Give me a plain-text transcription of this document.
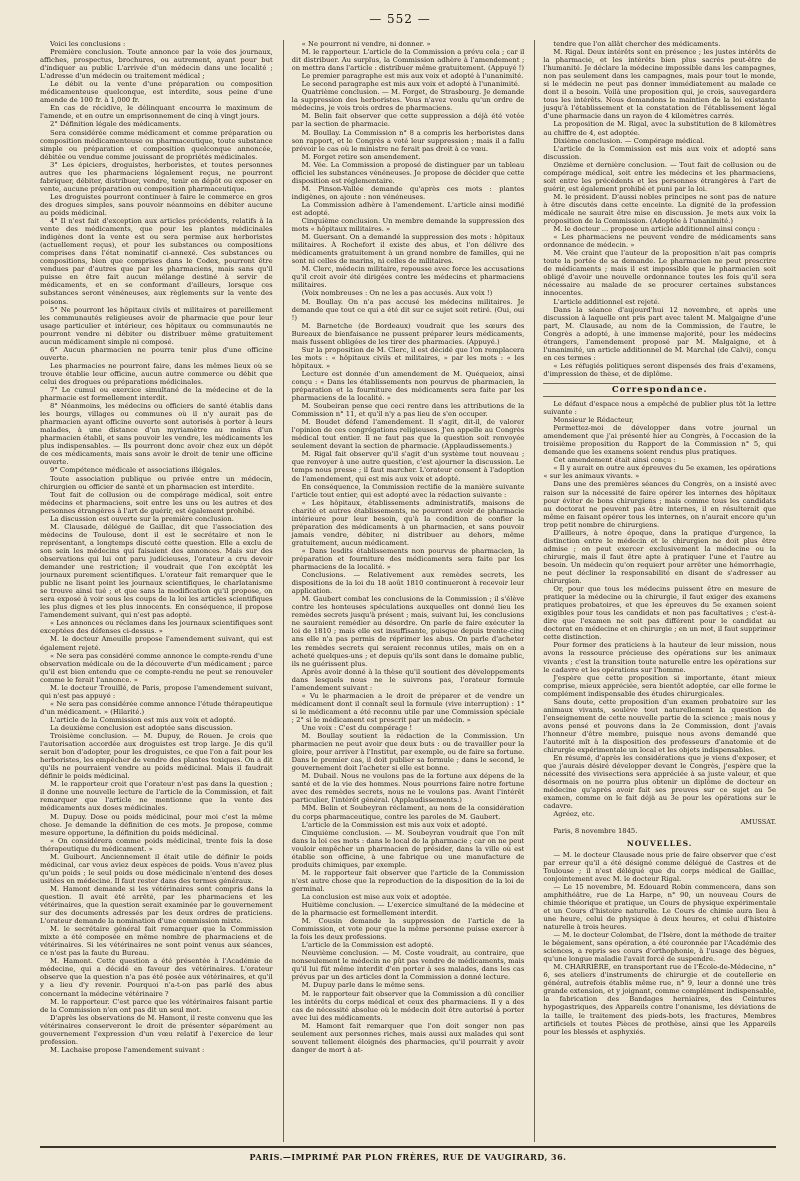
— 552 —

Voici les conclusions :

Première conclusion. Toute annonce par la voie des journaux, affiches, prospectus, brochures, ou autrement, ayant pour but d'indiquer au public L'arrivée d'un médecin dans une localité ; L'adresse d'un médecin ou traitement médical ;

Le débit ou la vente d'une préparation ou composition médicamenteuse quelconque, est interdite, sous peine d'une amende de 100 fr. à 1,000 fr.

En cas de récidive, le délinquant encourra le maximum de l'amende, et en outre un emprisonnement de cinq à vingt jours.

2° Définition légale des médicaments.

Sera considérée comme médicament et comme préparation ou composition médicamenteuse ou pharmaceutique, toute substance simple ou préparation et composition quelconque annoncée, débitée ou vendue comme jouissant de propriétés médicinales.

3° Les épiciers, droguistes, herboristes, et toutes personnes autres que les pharmaciens légalement reçus, ne pourront fabriquer, débiter, distribuer, vendre, tenir en dépôt ou exposer en vente, aucune préparation ou composition pharmaceutique.

Les droguistes pourront continuer à faire le commerce en gros des drogues simples, sans pouvoir néanmoins en débiter aucune au poids médicinal.

4° Il n'est fait d'exception aux articles précédents, relatifs à la vente des médicaments, que pour les plantes médicinales indigènes dont la vente est ou sera permise aux herboristes (actuellement reçus), et pour les substances ou compositions comprises dans l'état nominatif ci-annexé. Ces substances ou compositions, bien que comprises dans le Codex, pourront être vendues par d'autres que par les pharmaciens, mais sans qu'il puisse en être fait aucun mélange destiné à servir de médicaments, et en se conformant d'ailleurs, lorsque ces substances seront vénéneuses, aux règlements sur la vente des poisons.

5° Ne pourront les hôpitaux civils et militaires et pareillement les communautés religieuses avoir de pharmacie que pour leur usage particulier et intérieur, ces hôpitaux ou communautés ne pourront vendre ni débiter ou distribuer même gratuitement aucun médicament simple ni composé.

6° Aucun pharmacien ne pourra tenir plus d'une officine ouverte.

Les pharmacies ne pourront faire, dans les mêmes lieux où se trouve établie leur officine, aucun autre commerce ou débit que celui des drogues ou préparations médicinales.

7° Le cumul ou exercice simultané de la médecine et de la pharmacie est formellement interdit.

8° Néanmoins, les médecins ou officiers de santé établis dans les bourgs, villages ou communes où il n'y aurait pas de pharmacien ayant officine ouverte sont autorisés à porter à leurs malades, à une distance d'un myriamètre au moins d'un pharmacien établi, et sans pouvoir les vendre, les médicaments les plus indispensables. — Ils pourront donc avoir chez eux un dépôt de ces médicaments, mais sans avoir le droit de tenir une officine ouverte.

9° Compétence médicale et associations illégales.

Toute association publique ou privée entre un médecin, chirurgien ou officier de santé et un pharmacien est interdite.

Tout fait de collusion ou de compérage médical, soit entre médecins et pharmaciens, soit entre les uns ou les autres et des personnes étrangères à l'art de guérir, est également prohibé.

La discussion est ouverte sur la première conclusion.

M. Clausade, délégué de Gaillac, dit que l'association des médecins de Toulouse, dont il est le secrétaire et non le représentant, a longtemps discuté cette question. Elle a exclu de son sein les médecins qui faisaient des annonces. Mais sur des observations qui lui ont paru judicieuses, l'orateur a cru devoir demander une restriction; il voudrait que l'on excéptât les journaux purement scientifiques. L'orateur fait remarquer que le public ne lisant point les journaux scientifiques, le charlatanisme se trouve ainsi tué ; et que sans la modification qu'il propose, on sera exposé à voir sous les coups de la loi les articles scientifiques les plus dignes et les plus innocents. En conséquence, il propose l'amendement suivant, qui n'est pas adopté.

« Les annonces ou réclames dans les journaux scientifiques sont exceptées des défenses ci-dessus. »

M. le docteur Ameuille propose l'amendement suivant, qui est également rejeté.

« Ne sera pas considéré comme annonce le compte-rendu d'une observation médicale ou de la découverte d'un médicament ; parce qu'il est bien entendu que ce compte-rendu ne peut se renouveler comme le ferait l'annonce. »

M. le docteur Trouillé, de Paris, propose l'amendement suivant, qui n'est pas appuyé :

« Ne sera pas considérée comme annonce l'étude thérapeutique d'un médicament. » (Hilarité.)

L'article de la Commission est mis aux voix et adopté.

La deuxième conclusion est adoptée sans discussion.

Troisième conclusion. — M. Dupuy, de Rouen. Je crois que l'autorisation accordée aux droguistes est trop large. Je dis qu'il serait bon d'adopter, pour les droguistes, ce que l'on a fait pour les herboristes, les empêcher de vendre des plantes toxiques. On a dit qu'ils ne pourraient vendre au poids médicinal. Mais il faudrait définir le poids médicinal.

M. le rapporteur croit que l'orateur n'est pas dans la question ; il donne une nouvelle lecture de l'article de la Commission, et fait remarquer que l'article ne mentionne que la vente des médicaments aux doses médicinales.

M. Dupuy. Dose ou poids médicinal, pour moi c'est la même chose. Je demande la définition de ces mots. Je propose, comme mesure opportune, la définition du poids médicinal.

« On considérera comme poids médicinal, trente fois la dose thérapeutique du médicament. »

M. Guibourt. Anciennement il était utile de définir le poids médicinal, car vous aviez deux espèces de poids. Vous n'avez plus qu'un poids ; le seul poids ou dose médicinale n'entend des doses usitées en médecine. Il faut rester dans des termes généraux.

M. Hamont demande si les vétérinaires sont compris dans la question. Il avait été arrêté, par les pharmaciens et les vétérinaires, que la question serait examinée par le gouvernement sur des documents adressés par les deux ordres de praticiens. L'orateur demande la nomination d'une commission mixte.

M. le secrétaire général fait remarquer que la Commission mixte a été composée en même nombre de pharmaciens et de vétérinaires. Si les vétérinaires ne sont point venus aux séances, ce n'est pas la faute du Bureau.

M. Hamont. Cette question a été présentée à l'Académie de médecine, qui a décidé en faveur des vétérinaires. L'orateur observe que la question n'a pas été posée aux vétérinaires, et qu'il y a lieu d'y revenir. Pourquoi n'a-t-on pas parlé des abus concernant la médecine vétérinaire ?

M. le rapporteur. C'est parce que les vétérinaires faisant partie de la Commission n'en ont pas dit un seul mot.

D'après les observations de M. Hamont, il reste convenu que les vétérinaires conserveront le droit de présenter séparément au gouvernement l'expression d'un vœu relatif à l'exercice de leur profession.

M. Lachaise propose l'amendement suivant :

« Ne pourront ni vendre, ni donner. »

M. le rapporteur. L'article de la Commission a prévu cela ; car il dit distribuer. Au surplus, la Commission adhère à l'amendement ; on mettra dans l'article : distribuer même gratuitement. (Appuyé !)

Le premier paragraphe est mis aux voix et adopté à l'unanimité.

Le second paragraphe est mis aux voix et adopté à l'unanimité.

Quatrième conclusion. — M. Forget, de Strasbourg. Je demande la suppression des herboristes. Vous n'avez voulu qu'un ordre de médecins, je vois trois ordres de pharmaciens.

M. Belin fait observer que cette suppression a déjà été votée par la section de pharmacie.

M. Boullay. La Commission n° 8 a compris les herboristes dans son rapport, et le Congrès a voté leur suppression ; mais il a fallu prévoir le cas où le ministre ne ferait pas droit à ce vœu.

M. Forget retire son amendement.

M. Vée. La Commission a proposé de distinguer par un tableau officiel les substances vénéneuses. Je propose de décider que cette disposition est réglementaire.

M. Pinson-Vallée demande qu'après ces mots : plantes indigènes, on ajoute : non vénéneuses.

La Commission adhère à l'amendement. L'article ainsi modifié est adopté.

Cinquième conclusion. Un membre demande la suppression des mots « hôpitaux militaires. »

M. Guersant. On a demandé la suppression des mots : hôpitaux militaires. À Rochefort il existe des abus, et l'on délivre des médicaments gratuitement à un grand nombre de familles, qui ne sont ni celles de marins, ni celles de militaires.

M. Clerc, médecin militaire, repousse avec force les accusations qu'il croit avoir été dirigées contre les médecins et pharmaciens militaires.

(Voix nombreuses : On ne les a pas accusés. Aux voix !)

M. Boullay. On n'a pas accusé les médecins militaires. Je demande que tout ce qui a été dit sur ce sujet soit retiré. (Oui, oui !)

M. Barnetche (de Bordeaux) voudrait que les sœurs des Bureaux de bienfaisance ne pussent préparer leurs médicaments, mais fussent obligées de les tirer des pharmacies. (Appuyé.)

Sur la proposition de M. Clerc, il est décidé que l'on remplacera les mots : « hôpitaux civils et militaires, » par les mots : « les hôpitaux. »

Lecture est donnée d'un amendement de M. Quéqueiox, ainsi conçu : « Dans les établissements non pourvus de pharmacien, la préparation et la fourniture des médicaments sera faite par les pharmaciens de la localité. »

M. Soubeiran pense que ceci rentre dans les attributions de la Commission n° 11, et qu'il n'y a pas lieu de s'en occuper.

M. Boudet défend l'amendement. Il s'agit, dit-il, de valorer l'opinion de ces congrégations religieuses. J'en appelle au Congrès médical tout entier. Il ne faut pas que la question soit renvoyée seulement devant la section de pharmacie. (Applaudissements.)

M. Rigal fait observer qu'il s'agit d'un système tout nouveau ; que renvoyer à une autre question, c'est ajourner la discussion. Le temps nous presse ; il faut marcher. L'orateur consent à l'adoption de l'amendement, qui est mis aux voix et adopté.

En conséquence, la Commission rectifie de la manière suivante l'article tout entier, qui est adopté avec la rédaction suivante :

« Les hôpitaux, établissements administratifs, maisons de charité et autres établissements, ne pourront avoir de pharmacie intérieure pour leur besoin, qu'à la condition de confier la préparation des médicaments à un pharmacien, et sans pouvoir jamais vendre, débiter, ni distribuer au dehors, même gratuitement, aucun médicament.

« Dans lesdits établissements non pourvus de pharmacien, la préparation et fourniture des médicaments sera faite par les pharmaciens de la localité. »

Conclusions. — Relativement aux remèdes secrets, les dispositions de la loi du 18 août 1810 continueront à recevoir leur application.

M. Gaubert combat les conclusions de la Commission ; il s'élève contre les honteuses spéculations auxquelles ont donné lieu les remèdes secrets jusqu'à présent ; mais, suivant lui, les conclusions ne sauraient remédier au désordre. On parle de faire exécuter la loi de 1810 ; mais elle est insuffisante, puisque depuis trente-cinq ans elle n'a pas permis de réprimer les abus. On parle d'acheter les remèdes secrets qui seraient reconnus utiles, mais on en a acheté quelques-uns ; et depuis qu'ils sont dans le domaine public, ils ne guérissent plus.

Après avoir donné à la thèse qu'il soutient des développements dans lesquels nous ne le suivrons pas, l'orateur formule l'amendement suivant :

« Vu le pharmacien a le droit de préparer et de vendre un médicament dont il connaît seul la formule (vive interruption) : 1° si le médicament a été reconnu utile par une Commission spéciale ; 2° si le médicament est prescrit par un médecin. »

Une voix : C'est du compérage !

M. Boullay soutient la rédaction de la Commission. Un pharmacien ne peut avoir que deux buts : ou de travailler pour la gloire, pour arriver à l'Institut, par exemple, ou de faire sa fortune. Dans le premier cas, il doit publier sa formule ; dans le second, le gouvernement doit l'acheter si elle est bonne.

M. Dubail. Nous ne voulons pas de la fortune aux dépens de la santé et de la vie des hommes. Nous pourrions faire notre fortune avec des remèdes secrets, nous ne le voulons pas. Avant l'intérêt particulier, l'intérêt général. (Applaudissements.)

MM. Belin et Soubeyran réclament, au nom de la considération du corps pharmaceutique, contre les paroles de M. Gaubert.

L'article de la Commission est mis aux voix et adopté.

Cinquième conclusion. — M. Soubeyran voudrait que l'on mît dans la loi ces mots : dans le local de la pharmacie ; car on ne peut vouloir empêcher un pharmacien de présider, dans la ville où est établie son officine, à une fabrique ou une manufacture de produits chimiques, par exemple.

M. le rapporteur fait observer que l'article de la Commission n'est autre chose que la reproduction de la disposition de la loi de germinal.

La conclusion est mise aux voix et adoptée.

Huitième conclusion. — L'exercice simultané de la médecine et de la pharmacie est formellement interdit.

M. Cousin demande la suppression de l'article de la Commission, et vote pour que la même personne puisse exercer à la fois les deux professions.

L'article de la Commission est adopté.

Neuvième conclusion. — M. Coste voudrait, au contraire, que nonseulement le médecin ne pût pas vendre de médicaments, mais qu'il lui fût même interdit d'en porter à ses malades, dans les cas prévus par un des articles dont la Commission a donné lecture.

M. Dupuy parle dans le même sens.

M. le rapporteur fait observer que la Commission a dû concilier les intérêts du corps médical et ceux des pharmaciens. Il y a des cas de nécessité absolue où le médecin doit être autorisé à porter avec lui des médicaments.

M. Hamont fait remarquer que l'on doit songer non pas seulement aux personnes riches, mais aussi aux malades qui sont souvent tellement éloignés des pharmacies, qu'il pourrait y avoir danger de mort à at-

tendre que l'on allât chercher des médicaments.

M. Rigal. Deux intérêts sont en présence ; les justes intérêts de la pharmacie, et les intérêts bien plus sacrés peut-être de l'humanité. Je déclare la médecine impossible dans les campagnes, non pas seulement dans les campagnes, mais pour tout le monde, si le médecin ne peut pas donner immédiatement au malade ce dont il a besoin. Voilà une proposition qui, je crois, sauvegardera tous les intérêts. Nous demandons le maintien de la loi existante jusqu'à l'établissement et la constatation de l'établissement légal d'une pharmacie dans un rayon de 4 kilomètres carrés.

La proposition de M. Rigal, avec la substitution de 8 kilomètres au chiffre de 4, est adoptée.

Dixième conclusion. — Compérage médical.

L'article de la Commission est mis aux voix et adopté sans discussion.

Onzième et dernière conclusion. — Tout fait de collusion ou de compérage médical, soit entre les médecins et les pharmaciens, soit entre les précédents et les personnes étrangères à l'art de guérir, est également prohibé et puni par la loi.

M. le président. D'aussi nobles principes ne sont pas de nature à être discutés dans cette enceinte. La dignité de la profession médicale ne saurait être mise en discussion. Je mets aux voix la proposition de la Commission. (Adoptée à l'unanimité.)

M. le docteur ... propose un article additionnel ainsi conçu :

« Les pharmaciens ne peuvent vendre de médicaments sans ordonnance de médecin. »

M. Vée craint que l'auteur de la proposition n'ait pas compris toute la portée de sa demande. Le pharmacien ne peut prescrire de médicaments ; mais il est impossible que le pharmacien soit obligé d'avoir une nouvelle ordonnance toutes les fois qu'il sera nécessaire au malade de se procurer certaines substances innocentes.

L'article additionnel est rejeté.

Dans la séance d'aujourd'hui 12 novembre, et après une discussion à laquelle ont pris part avec talent M. Malgaigne d'une part, M. Clausade, au nom de la Commission, de l'autre, le Congrès a adopté, à une immense majorité, pour les médecins étrangers, l'amendement proposé par M. Malgaigne, et à l'unanimité, un article additionnel de M. Marchal (de Calvi), conçu en ces termes :

« Les réfugiés politiques seront dispensés des frais d'examens, d'impression de thèse, et de diplôme.

Correspondance.

Le défaut d'espace nous a empêché de publier plus tôt la lettre suivante :

Monsieur le Rédacteur,

Permettez-moi de développer dans votre journal un amendement que j'ai présenté hier au Congrès, à l'occasion de la troisième proposition du Rapport de la Commission n° 5, qui demande que les examens soient rendus plus pratiques.

Cet amendement était ainsi conçu :

« Il y aurait en outre aux épreuves du 5e examen, les opérations « sur les animaux vivants. »

Dans une des premières séances du Congrès, on a insisté avec raison sur la nécessité de faire opérer les internes des hôpitaux pour éviter de bons chirurgiens ; mais comme tous les candidats au doctorat ne peuvent pas être internes, il en résulterait que même en faisant opérer tous les internes, on n'aurait encore qu'un trop petit nombre de chirurgiens.

D'ailleurs, à notre époque, dans la pratique d'urgence, la distinction entre le médecin et le chirurgien ne doit plus être admise ; on peut exercer exclusivement la médecine ou la chirurgie, mais il faut être apte à pratiquer l'une et l'autre au besoin. Un médecin qu'on requiert pour arrêter une hémorrhagie, ne peut décliner la responsabilité en disant de s'adresser au chirurgien.

Or, pour que tous les médecins puissent être en mesure de pratiquer la médecine ou la chirurgie, il faut exiger des examens pratiques probatoires, et que les épreuves du 5e examen soient exigibles pour tous les candidats et non pas facultatives ; c'est-à-dire que l'examen ne soit pas différent pour le candidat au doctorat en médecine et en chirurgie ; en un mot, il faut supprimer cette distinction.

Pour former des praticiens à la hauteur de leur mission, nous avons la ressource précieuse des opérations sur les animaux vivants ; c'est la transition toute naturelle entre les opérations sur le cadavre et les opérations sur l'homme.

J'espère que cette proposition si importante, étant mieux comprise, mieux appréciée, sera bientôt adoptée, car elle forme le complément indispensable des études chirurgicales.

Sans doute, cette proposition d'un examen probatoire sur les animaux vivants, soulève tout naturellement la question de l'enseignement de cette nouvelle partie de la science ; mais nous y avons pensé et pouvons dans la 2e Commission, dont j'avais l'honneur d'être membre, puisque nous avons demandé que l'autorité mît à la disposition des professeurs d'anatomie et de chirurgie expérimentale un local et les objets indispensables.

En résumé, d'après les considérations que je viens d'exposer, et que j'aurais désiré développer devant le Congrès, j'espère que la nécessité des vivisections sera appréciée à sa juste valeur, et que désormais on ne pourra plus obtenir un diplôme de docteur en médecine qu'après avoir fait ses preuves sur ce sujet au 5e examen, comme on le fait déjà au 3e pour les opérations sur le cadavre.

Agréez, etc.

AMUSSAT.

Paris, 8 novembre 1845.

NOUVELLES.

— M. le docteur Clausade nous prie de faire observer que c'est par erreur qu'il a été désigné comme délégué de Castres et de Toulouse ; il n'est délégué que du corps médical de Gaillac, conjointement avec M. le docteur Rigal.

— Le 15 novembre, M. Edouard Robin commencera, dans son amphithéâtre, rue de La Harpe, n° 90, un nouveau Cours de chimie théorique et pratique, un Cours de physique expérimentale et un Cours d'histoire naturelle. Le Cours de chimie aura lieu à une heure, celui de physique à deux heures, et celui d'histoire naturelle à trois heures.

— M. le docteur Colombat, de l'Isère, dont la méthode de traiter le bégaiement, sans opération, a été couronnée par l'Académie des sciences, a repris ses cours d'orthophonie, à l'usage des bègues, qu'une longue maladie l'avait forcé de suspendre.

M. CHARRIÈRE, en transportant rue de l'École-de-Médecine, n° 6, ses ateliers d'instruments de chirurgie et de coutellerie en général, autrefois établis même rue, n° 9, leur a donné une très grande extension, et y joignant, comme complément indispensable, la fabrication des Bandages herniaires, des Ceintures hypogastriques, des Appareils contre l'onanisme, les déviations de la taille, le traitement des pieds-bots, les fractures, Membres artificiels et toutes Pièces de prothèse, ainsi que les Appareils pour les blessés et asphyxiés.

PARIS.—IMPRIMÉ PAR PLON FRÈRES, RUE DE VAUGIRARD, 36.
